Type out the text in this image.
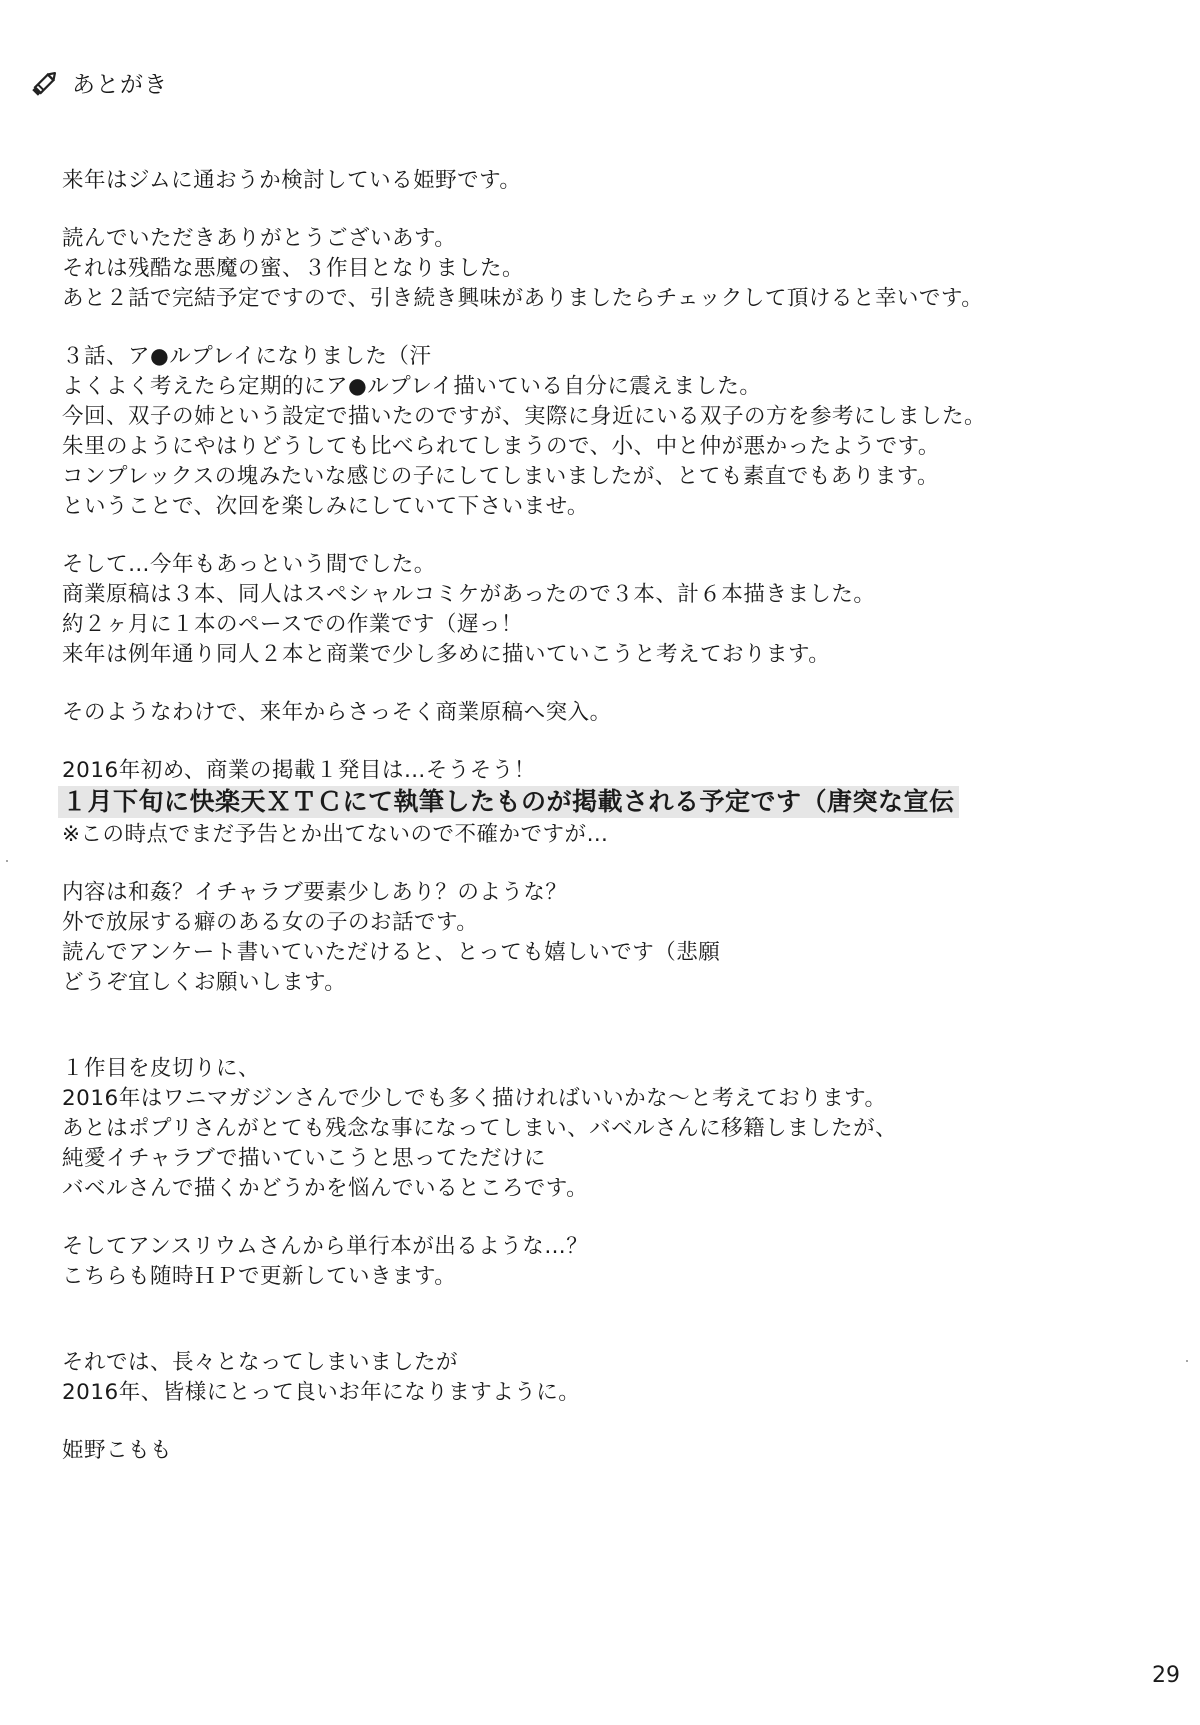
あとがき
来年はジムに通おうか検討している姫野です。
読んでいただきありがとうございあす。
それは残酷な悪魔の蜜、３作目となりました。
あと２話で完結予定ですので、引き続き興味がありましたらチェックして頂けると幸いです。
３話、ア●ルプレイになりました（汗
よくよく考えたら定期的にア●ルプレイ描いている自分に震えました。
今回、双子の姉という設定で描いたのですが、実際に身近にいる双子の方を参考にしました。
朱里のようにやはりどうしても比べられてしまうので、小、中と仲が悪かったようです。
コンプレックスの塊みたいな感じの子にしてしまいましたが、とても素直でもあります。
ということで、次回を楽しみにしていて下さいませ。
そして…今年もあっという間でした。
商業原稿は３本、同人はスペシャルコミケがあったので３本、計６本描きました。
約２ヶ月に１本のペースでの作業です（遅っ！
来年は例年通り同人２本と商業で少し多めに描いていこうと考えております。
そのようなわけで、来年からさっそく商業原稿へ突入。
2016年初め、商業の掲載１発目は…そうそう！
１月下旬に快楽天ＸＴＣにて執筆したものが掲載される予定です（唐突な宣伝
※この時点でまだ予告とか出てないので不確かですが…
内容は和姦？イチャラブ要素少しあり？のような？
外で放尿する癖のある女の子のお話です。
読んでアンケート書いていただけると、とっても嬉しいです（悲願
どうぞ宜しくお願いします。
１作目を皮切りに、
2016年はワニマガジンさんで少しでも多く描ければいいかな～と考えております。
あとはポプリさんがとても残念な事になってしまい、バベルさんに移籍しましたが、
純愛イチャラブで描いていこうと思ってただけに
バベルさんで描くかどうかを悩んでいるところです。
そしてアンスリウムさんから単行本が出るような…？
こちらも随時ＨＰで更新していきます。
それでは、長々となってしまいましたが
2016年、皆様にとって良いお年になりますように。
姫野こもも
29
